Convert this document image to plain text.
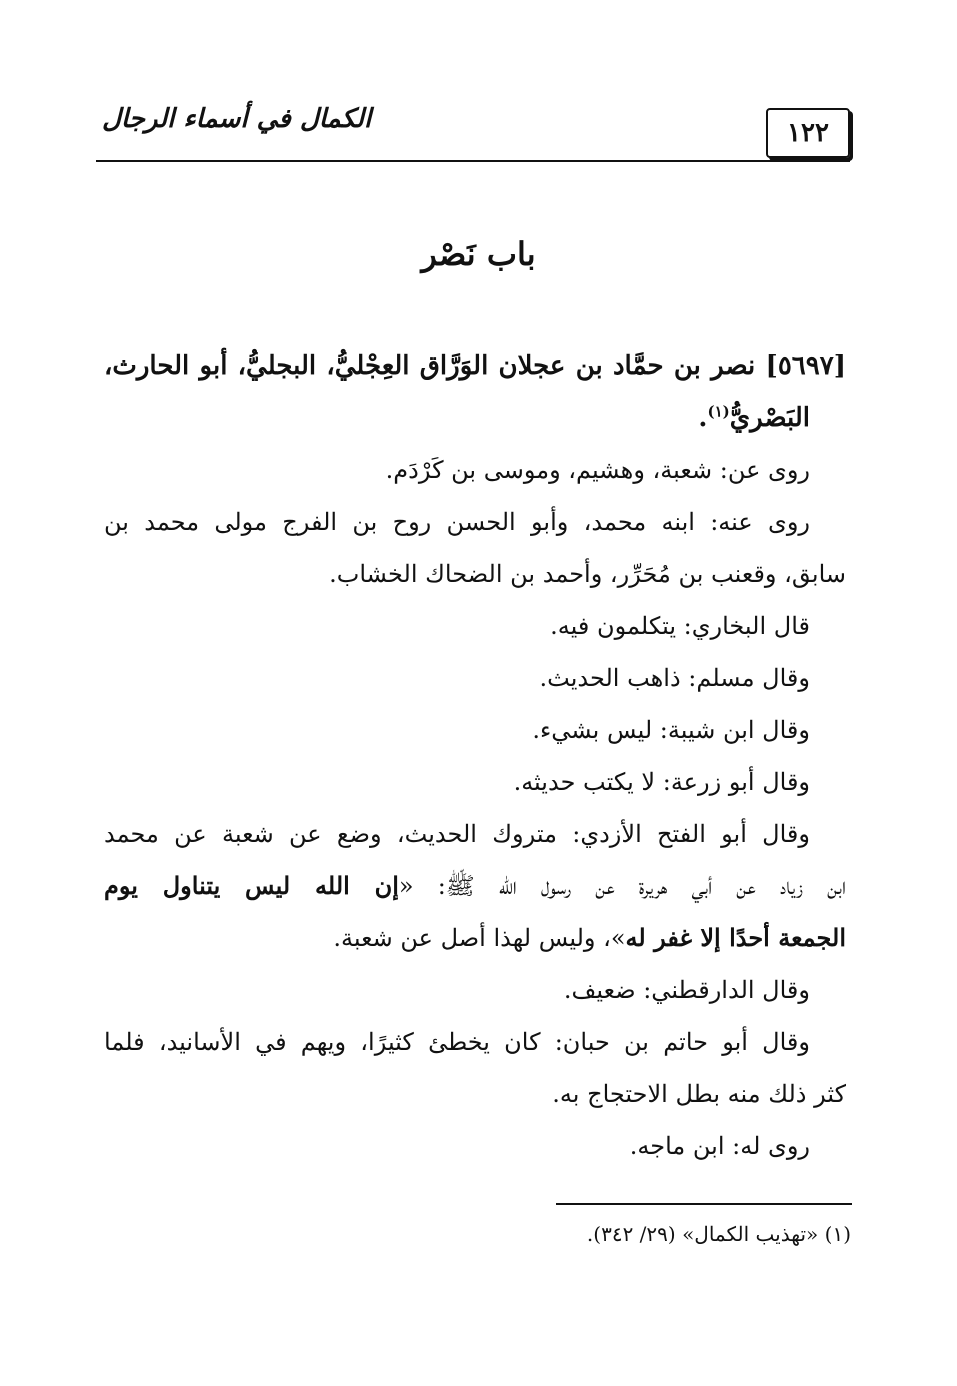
١٢٢
الكمال في أسماء الرجال
باب نَصْر
[٥٦٩٧] نصر بن حمَّاد بن عجلان الوَرَّاق العِجْليُّ، البجليُّ، أبو الحارث،
البَصْريُّ$^{(١)}$.
روى عن: شعبة، وهشيم، وموسى بن كَرْدَم.
روى عنه: ابنه محمد، وأبو الحسن روح بن الفرج مولى محمد بن
سابق، وقعنب بن مُحَرِّر، وأحمد بن الضحاك الخشاب.
قال البخاري: يتكلمون فيه.
وقال مسلم: ذاهب الحديث.
وقال ابن شيبة: ليس بشيء.
وقال أبو زرعة: لا يكتب حديثه.
وقال أبو الفتح الأزدي: متروك الحديث، وضع عن شعبة عن محمد
ابن زياد عن أبي هريرة عن رسول الله ﷺ: «إن الله ليس يتناول يوم
الجمعة أحدًا إلا غفر له»، وليس لهذا أصل عن شعبة.
وقال الدارقطني: ضعيف.
وقال أبو حاتم بن حبان: كان يخطئ كثيرًا، ويهم في الأسانيد، فلما
كثر ذلك منه بطل الاحتجاج به.
روى له: ابن ماجه.
(١) «تهذيب الكمال» (٢٩/ ٣٤٢).
